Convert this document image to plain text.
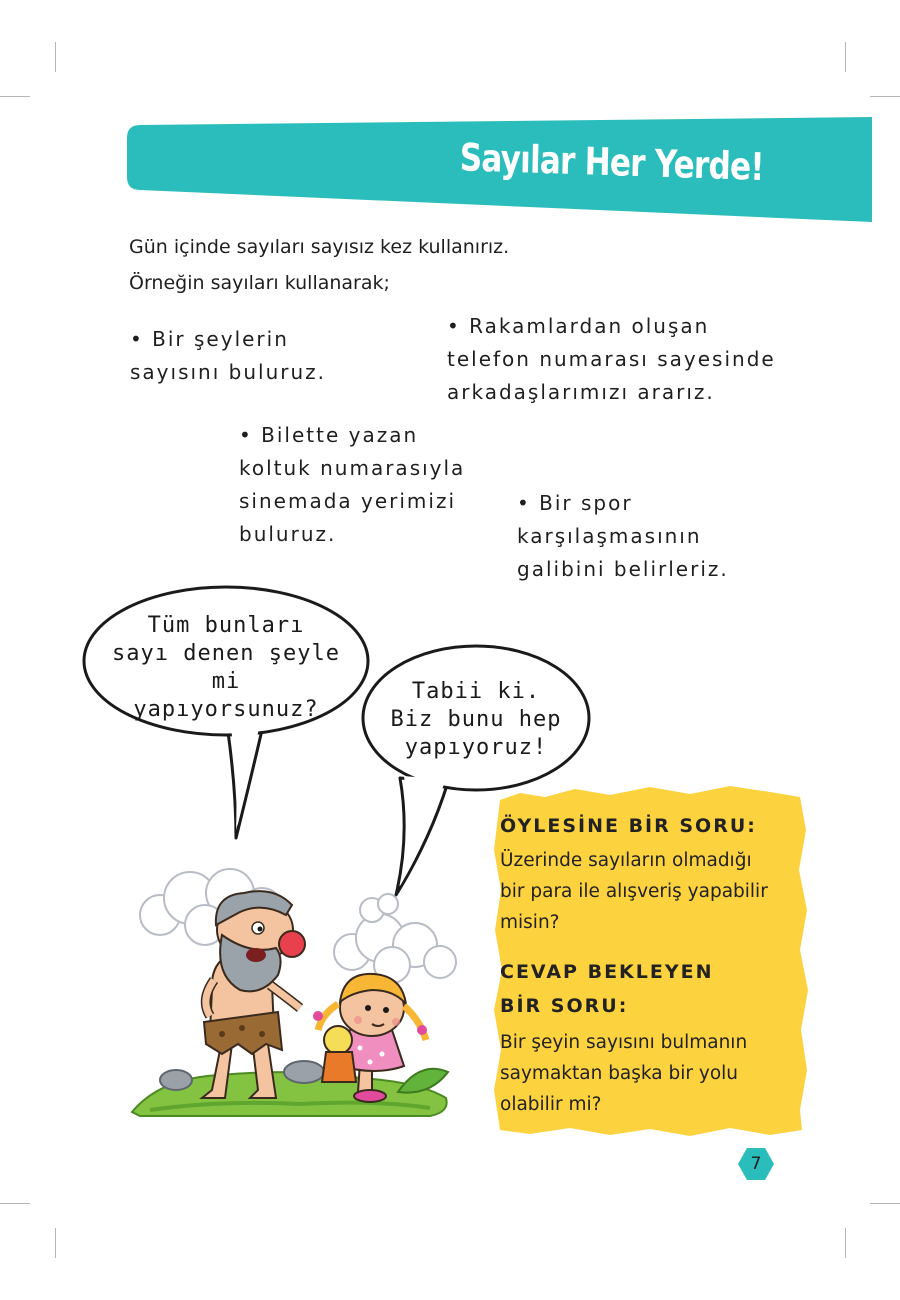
Sayılar Her Yerde!

Gün içinde sayıları sayısız kez kullanırız.

Örneğin sayıları kullanarak;

• Bir şeylerin
sayısını buluruz.

• Rakamlardan oluşan
telefon numarası sayesinde
arkadaşlarımızı ararız.

• Bilette yazan
koltuk numarasıyla
sinemada yerimizi
buluruz.

• Bir spor
karşılaşmasının
galibini belirleriz.

Tüm bunları
sayı denen şeyle mi
yapıyorsunuz?

Tabii ki.
Biz bunu hep
yapıyoruz!

ÖYLESİNE BİR SORU:

Üzerinde sayıların olmadığı
bir para ile alışveriş yapabilir
misin?

CEVAP BEKLEYEN
BİR SORU:

Bir şeyin sayısını bulmanın
saymaktan başka bir yolu
olabilir mi?

7
